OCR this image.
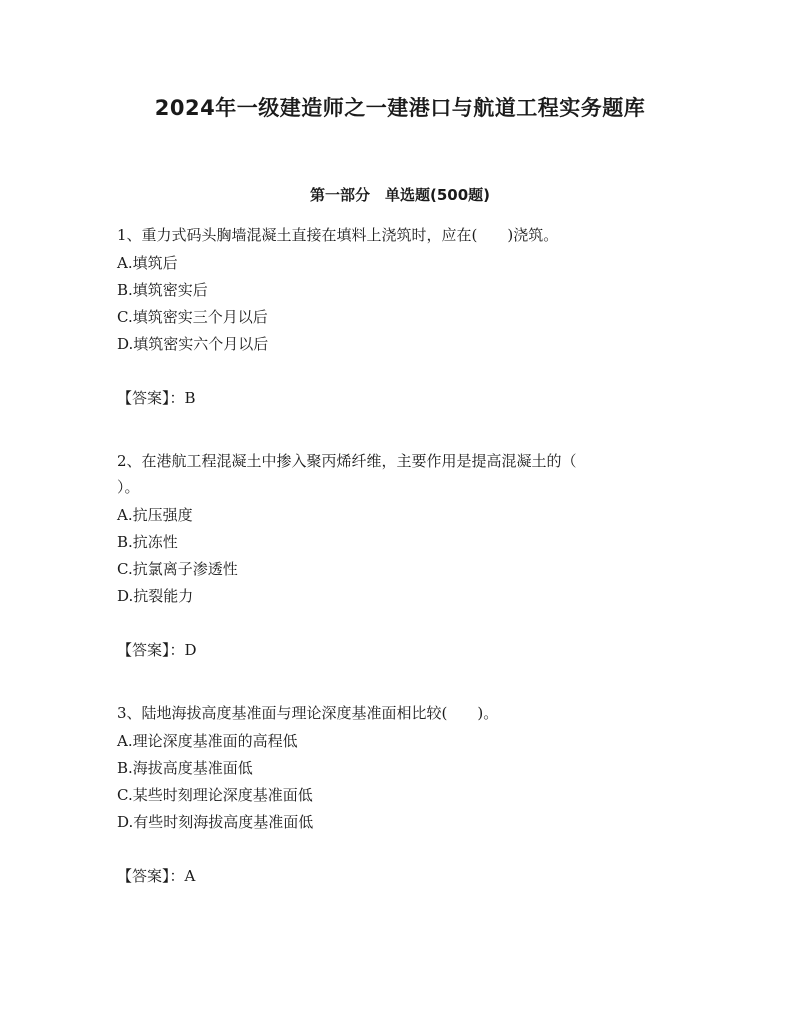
2024年一级建造师之一建港口与航道工程实务题库
第一部分　单选题(500题)

1、重力式码头胸墙混凝土直接在填料上浇筑时，应在(　　)浇筑。

A.填筑后
B.填筑密实后
C.填筑密实三个月以后
D.填筑密实六个月以后
【答案】：B

2、在港航工程混凝土中掺入聚丙烯纤维，主要作用是提高混凝土的（
）。

A.抗压强度
B.抗冻性
C.抗氯离子渗透性
D.抗裂能力
【答案】：D

3、陆地海拔高度基准面与理论深度基准面相比较(　　)。

A.理论深度基准面的高程低
B.海拔高度基准面低
C.某些时刻理论深度基准面低
D.有些时刻海拔高度基准面低
【答案】：A
